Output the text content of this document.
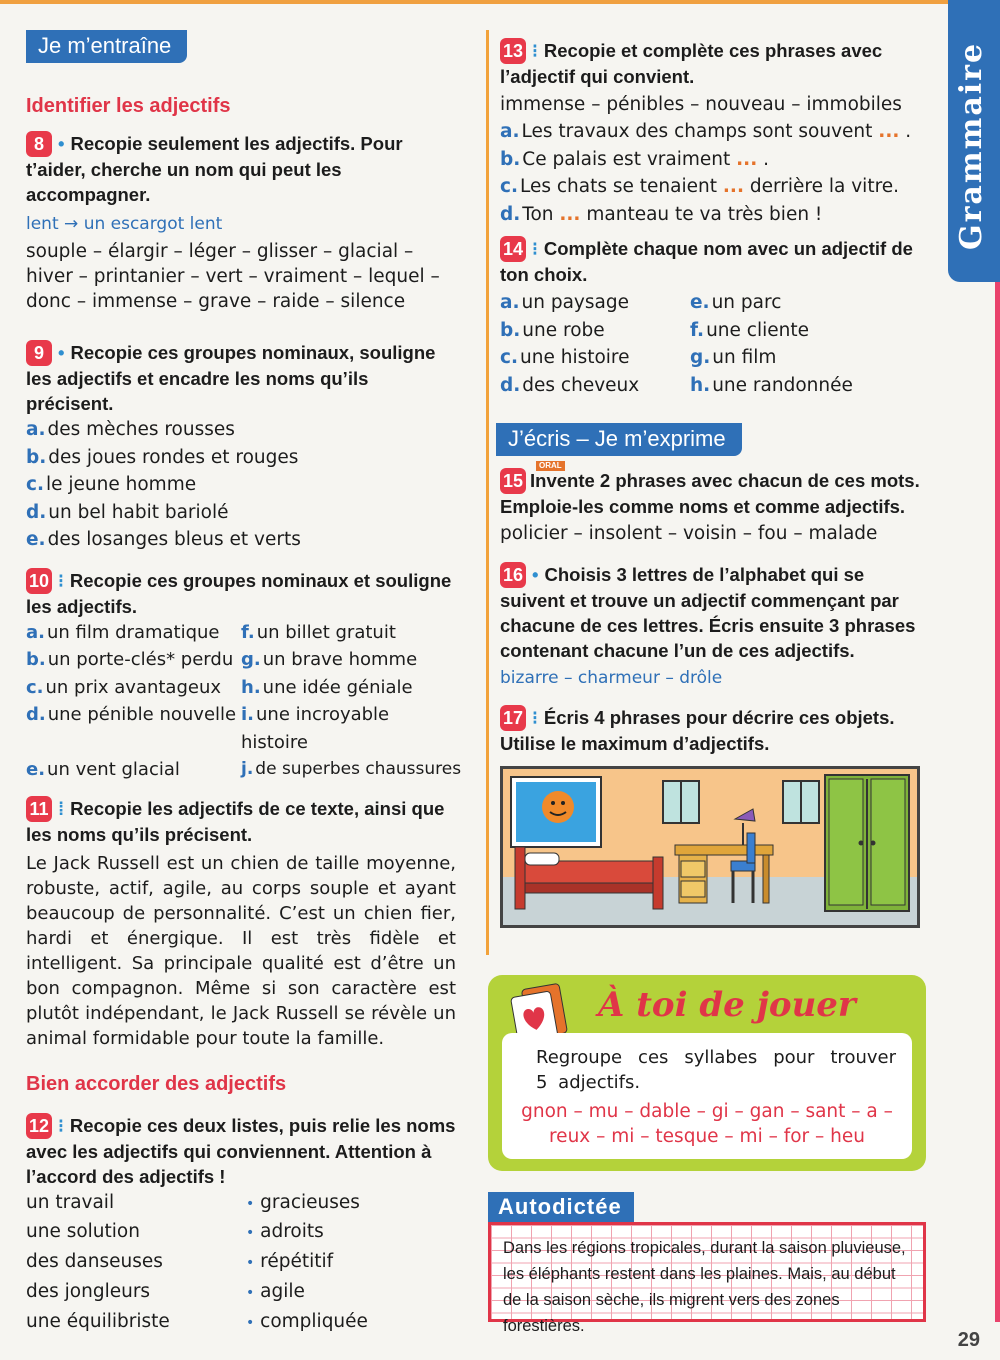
Grammaire
Je m’entraîne
Identifier les adjectifs
8 • Recopie seulement les adjectifs. Pour t’aider, cherche un nom qui peut les accompagner.
lent → un escargot lent
souple – élargir – léger – glisser – glacial – hiver – printanier – vert – vraiment – lequel – donc – immense – grave – raide – silence
9 • Recopie ces groupes nominaux, souligne les adjectifs et encadre les noms qu’ils précisent.
a. des mèches rousses
b. des joues rondes et rouges
c. le jeune homme
d. un bel habit bariolé
e. des losanges bleus et verts
10 ⁝ Recopie ces groupes nominaux et souligne les adjectifs.
a. un film dramatique	f. un billet gratuit
b. un porte-clés* perdu g. un brave homme
c. un prix avantageux	h. une idée géniale
d. une pénible nouvelle i. une incroyable histoire
e. un vent glacial	j. de superbes chaussures
11 ⁞ Recopie les adjectifs de ce texte, ainsi que les noms qu’ils précisent.
Le Jack Russell est un chien de taille moyenne, robuste, actif, agile, au corps souple et ayant beaucoup de personnalité. C’est un chien fier, hardi et énergique. Il est très fidèle et intelligent. Sa principale qualité est d’être un bon compagnon. Même si son caractère est plutôt indépendant, le Jack Russell se révèle un animal formidable pour toute la famille.
Bien accorder des adjectifs
12 ⁝ Recopie ces deux listes, puis relie les noms avec les adjectifs qui conviennent. Attention à l’accord des adjectifs !
un travail	• gracieuses
une solution	• adroits
des danseuses	• répétitif
des jongleurs	• agile
une équilibriste	• compliquée
13 ⁝ Recopie et complète ces phrases avec l’adjectif qui convient.
immense – pénibles – nouveau – immobiles
a. Les travaux des champs sont souvent ... .
b. Ce palais est vraiment ... .
c. Les chats se tenaient ... derrière la vitre.
d. Ton ... manteau te va très bien !
14 ⁝ Complète chaque nom avec un adjectif de ton choix.
a. un paysage	e. un parc
b. une robe	f. une cliente
c. une histoire	g. un film
d. des cheveux	h. une randonnée
J’écris – Je m’exprime
ORAL
15 Invente 2 phrases avec chacun de ces mots. Emploie-les comme noms et comme adjectifs.
policier – insolent – voisin – fou – malade
16 • Choisis 3 lettres de l’alphabet qui se suivent et trouve un adjectif commençant par chacune de ces lettres. Écris ensuite 3 phrases contenant chacune l’un de ces adjectifs.
bizarre – charmeur – drôle
17 ⁝ Écris 4 phrases pour décrire ces objets. Utilise le maximum d’adjectifs.
À toi de jouer
Regroupe ces syllabes pour trouver 5 adjectifs.
gnon – mu – dable – gi – gan – sant – a –
reux – mi – tesque – mi – for – heu
Autodictée
Dans les régions tropicales, durant la saison pluvieuse, les éléphants restent dans les plaines. Mais, au début de la saison sèche, ils migrent vers des zones forestières.
29
